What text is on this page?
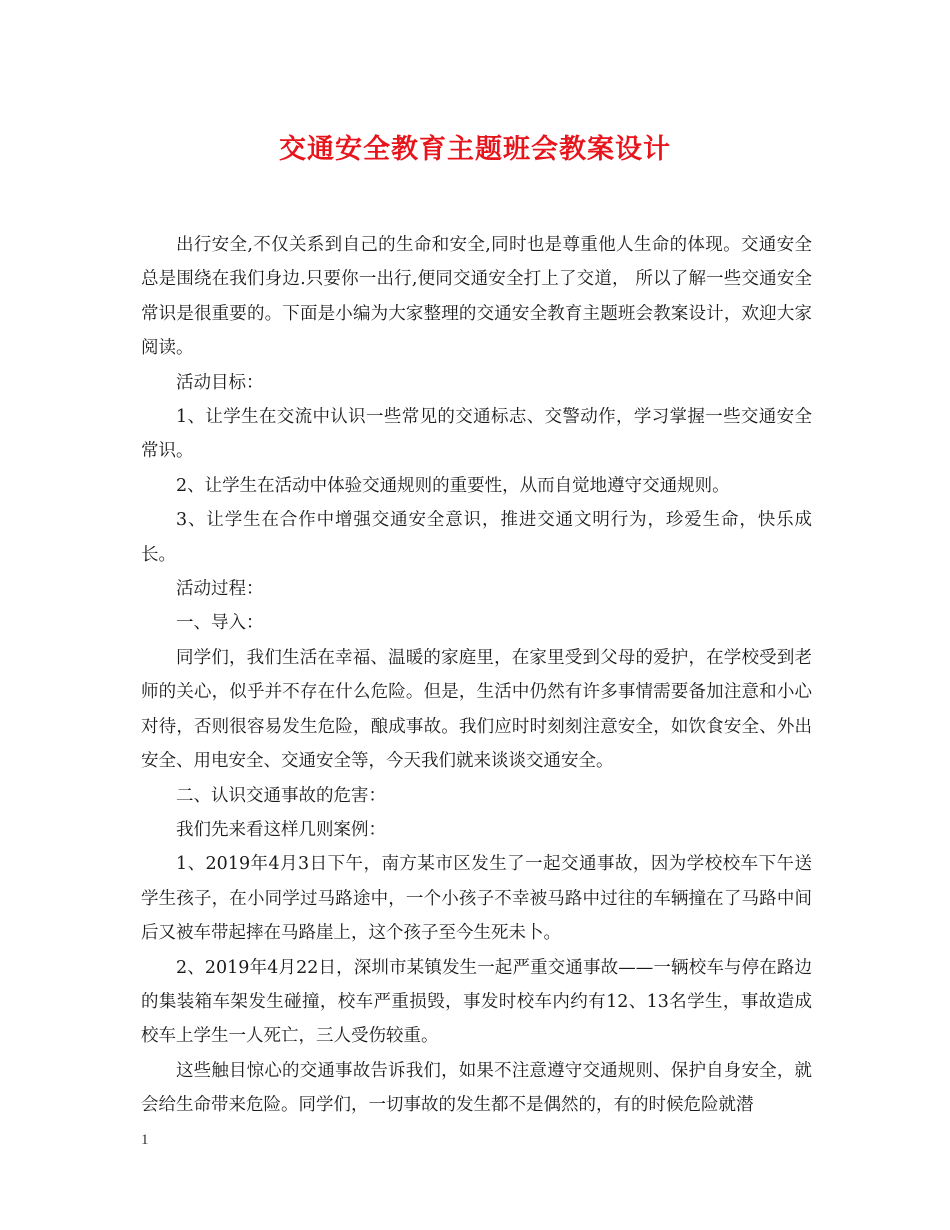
交通安全教育主题班会教案设计

出行安全,不仅关系到自己的生命和安全,同时也是尊重他人生命的体现。交通安全总是围绕在我们身边.只要你一出行,便同交通安全打上了交道， 所以了解一些交通安全常识是很重要的。下面是小编为大家整理的交通安全教育主题班会教案设计，欢迎大家阅读。

活动目标：

1、让学生在交流中认识一些常见的交通标志、交警动作，学习掌握一些交通安全常识。

2、让学生在活动中体验交通规则的重要性，从而自觉地遵守交通规则。

3、让学生在合作中增强交通安全意识，推进交通文明行为，珍爱生命，快乐成长。

活动过程：

一、导入：

同学们，我们生活在幸福、温暖的家庭里，在家里受到父母的爱护，在学校受到老师的关心，似乎并不存在什么危险。但是，生活中仍然有许多事情需要备加注意和小心对待，否则很容易发生危险，酿成事故。我们应时时刻刻注意安全，如饮食安全、外出安全、用电安全、交通安全等，今天我们就来谈谈交通安全。

二、认识交通事故的危害：

我们先来看这样几则案例：

1、2019年4月3日下午，南方某市区发生了一起交通事故，因为学校校车下午送学生孩子，在小同学过马路途中，一个小孩子不幸被马路中过往的车辆撞在了马路中间后又被车带起摔在马路崖上，这个孩子至今生死未卜。

2、2019年4月22日，深圳市某镇发生一起严重交通事故——一辆校车与停在路边的集装箱车架发生碰撞，校车严重损毁，事发时校车内约有12、13名学生，事故造成校车上学生一人死亡，三人受伤较重。

这些触目惊心的交通事故告诉我们，如果不注意遵守交通规则、保护自身安全，就会给生命带来危险。同学们，一切事故的发生都不是偶然的，有的时候危险就潜

1
